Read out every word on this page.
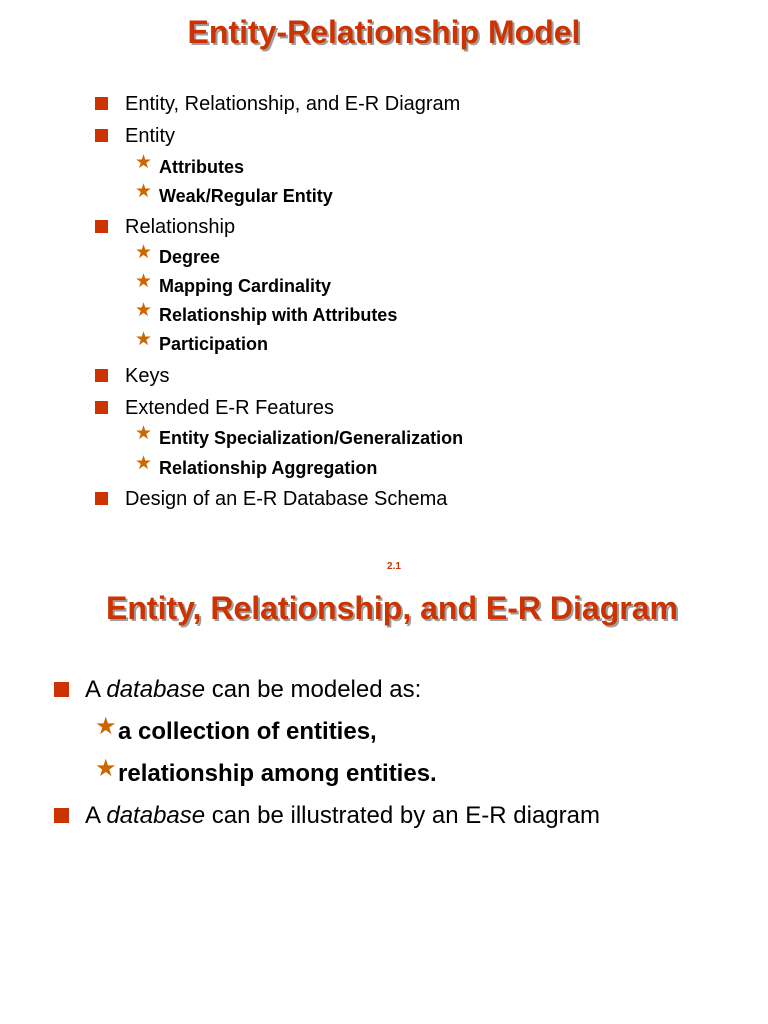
Entity-Relationship Model
Entity, Relationship, and E-R Diagram
Entity
★ Attributes
★ Weak/Regular Entity
Relationship
★ Degree
★ Mapping Cardinality
★ Relationship with Attributes
★ Participation
Keys
Extended E-R Features
★ Entity Specialization/Generalization
★ Relationship Aggregation
Design of an E-R Database Schema
2.1
Entity, Relationship, and E-R Diagram
A database can be modeled as:
★ a collection of entities,
★ relationship among entities.
A database can be illustrated by an E-R diagram
